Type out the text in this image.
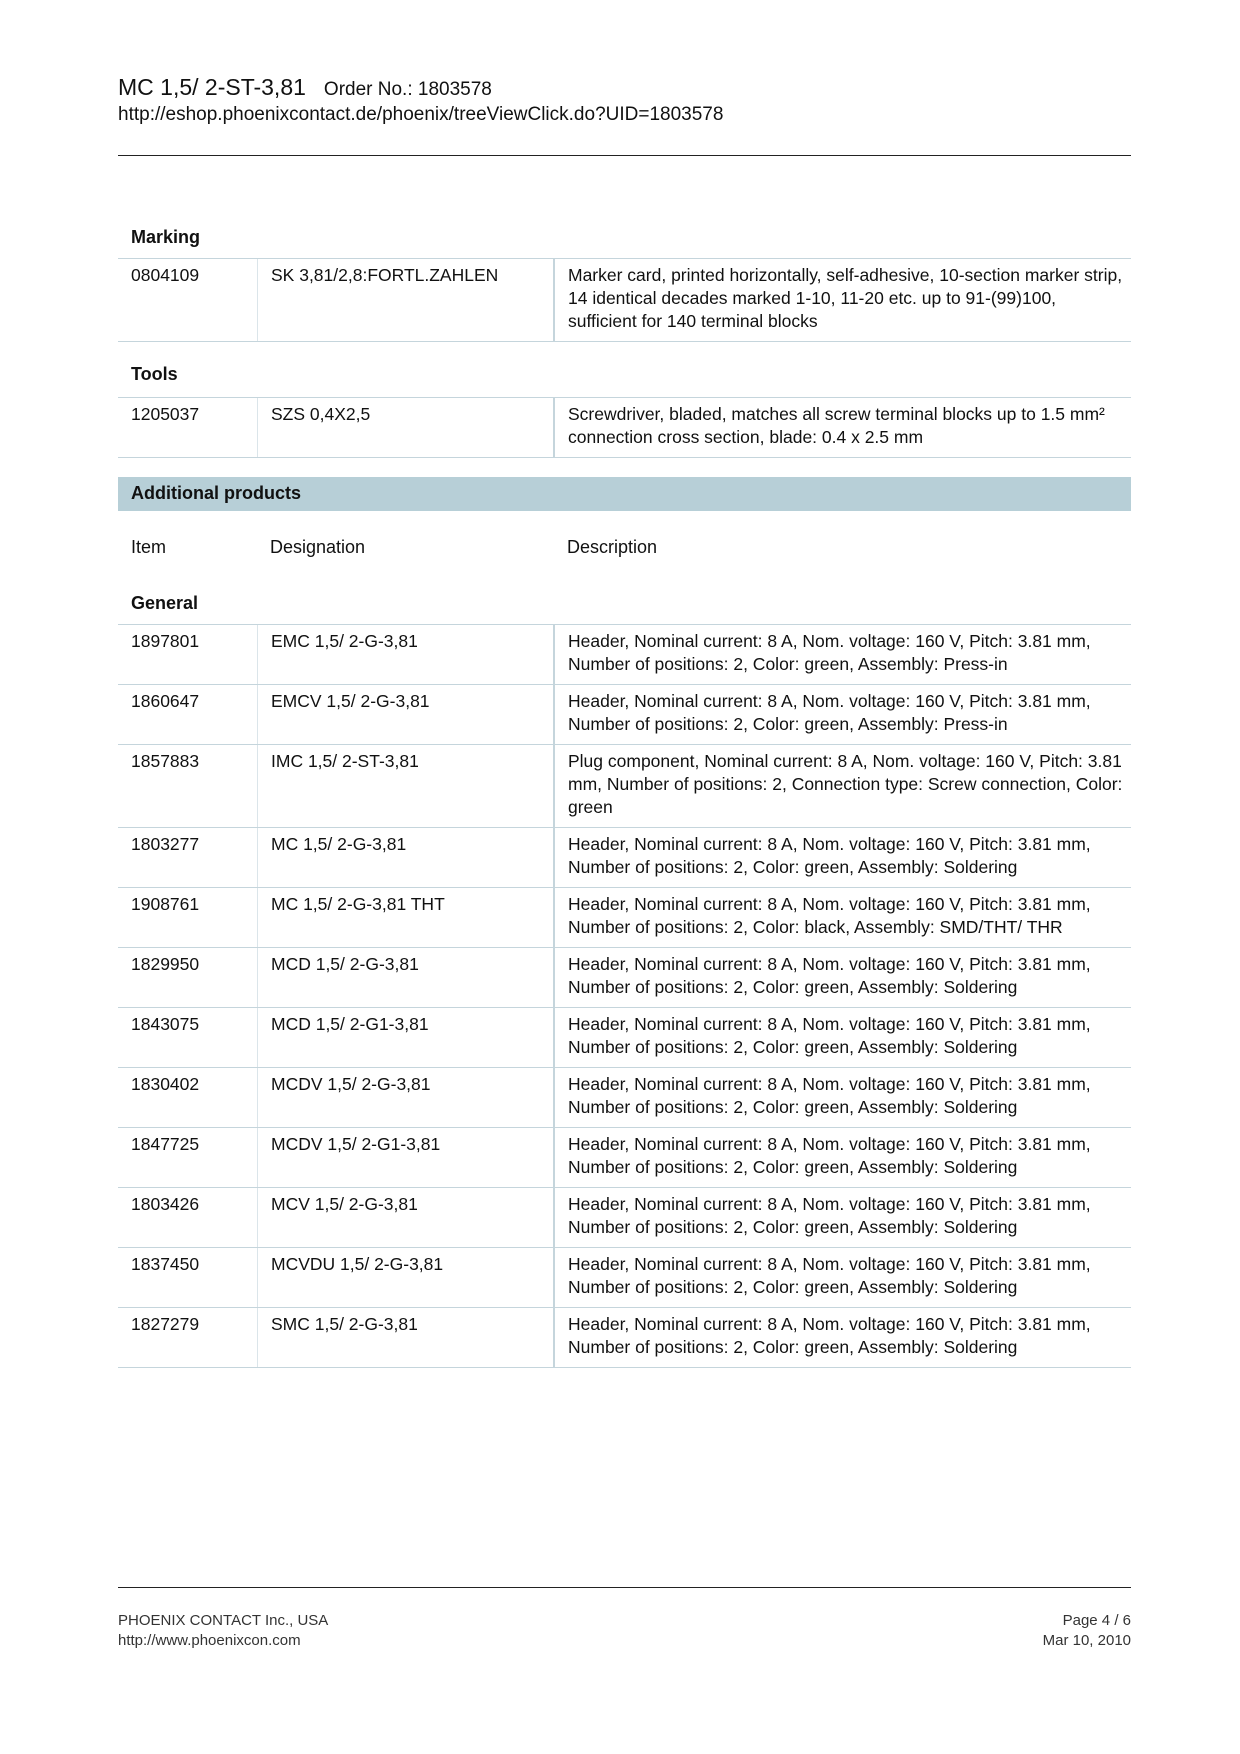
MC 1,5/ 2-ST-3,81 Order No.: 1803578
http://eshop.phoenixcontact.de/phoenix/treeViewClick.do?UID=1803578
Marking
0804109	SK 3,81/2,8:FORTL.ZAHLEN	Marker card, printed horizontally, self-adhesive, 10-section marker strip, 14 identical decades marked 1-10, 11-20 etc. up to 91-(99)100, sufficient for 140 terminal blocks
Tools
1205037	SZS 0,4X2,5	Screwdriver, bladed, matches all screw terminal blocks up to 1.5 mm² connection cross section, blade: 0.4 x 2.5 mm
Additional products
Item	Designation	Description
General
1897801	EMC 1,5/ 2-G-3,81	Header, Nominal current: 8 A, Nom. voltage: 160 V, Pitch: 3.81 mm, Number of positions: 2, Color: green, Assembly: Press-in
1860647	EMCV 1,5/ 2-G-3,81	Header, Nominal current: 8 A, Nom. voltage: 160 V, Pitch: 3.81 mm, Number of positions: 2, Color: green, Assembly: Press-in
1857883	IMC 1,5/ 2-ST-3,81	Plug component, Nominal current: 8 A, Nom. voltage: 160 V, Pitch: 3.81 mm, Number of positions: 2, Connection type: Screw connection, Color: green
1803277	MC 1,5/ 2-G-3,81	Header, Nominal current: 8 A, Nom. voltage: 160 V, Pitch: 3.81 mm, Number of positions: 2, Color: green, Assembly: Soldering
1908761	MC 1,5/ 2-G-3,81 THT	Header, Nominal current: 8 A, Nom. voltage: 160 V, Pitch: 3.81 mm, Number of positions: 2, Color: black, Assembly: SMD/THT/ THR
1829950	MCD 1,5/ 2-G-3,81	Header, Nominal current: 8 A, Nom. voltage: 160 V, Pitch: 3.81 mm, Number of positions: 2, Color: green, Assembly: Soldering
1843075	MCD 1,5/ 2-G1-3,81	Header, Nominal current: 8 A, Nom. voltage: 160 V, Pitch: 3.81 mm, Number of positions: 2, Color: green, Assembly: Soldering
1830402	MCDV 1,5/ 2-G-3,81	Header, Nominal current: 8 A, Nom. voltage: 160 V, Pitch: 3.81 mm, Number of positions: 2, Color: green, Assembly: Soldering
1847725	MCDV 1,5/ 2-G1-3,81	Header, Nominal current: 8 A, Nom. voltage: 160 V, Pitch: 3.81 mm, Number of positions: 2, Color: green, Assembly: Soldering
1803426	MCV 1,5/ 2-G-3,81	Header, Nominal current: 8 A, Nom. voltage: 160 V, Pitch: 3.81 mm, Number of positions: 2, Color: green, Assembly: Soldering
1837450	MCVDU 1,5/ 2-G-3,81	Header, Nominal current: 8 A, Nom. voltage: 160 V, Pitch: 3.81 mm, Number of positions: 2, Color: green, Assembly: Soldering
1827279	SMC 1,5/ 2-G-3,81	Header, Nominal current: 8 A, Nom. voltage: 160 V, Pitch: 3.81 mm, Number of positions: 2, Color: green, Assembly: Soldering
PHOENIX CONTACT Inc., USA
http://www.phoenixcon.com
Page 4 / 6
Mar 10, 2010
